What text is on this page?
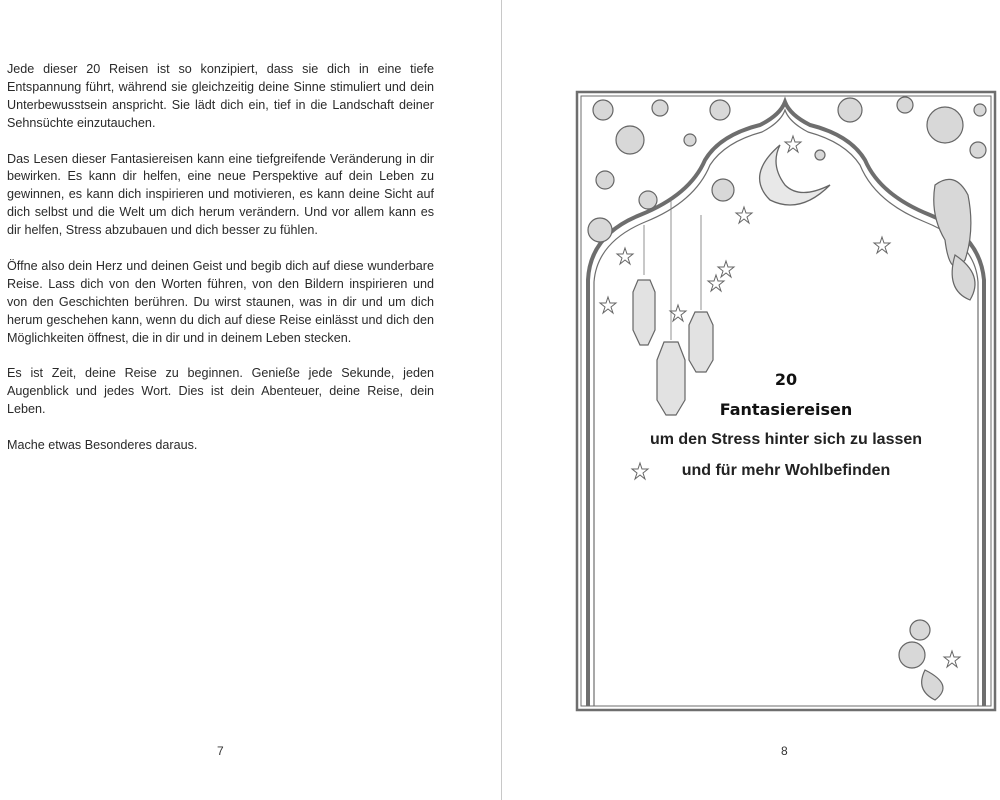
Jede dieser 20 Reisen ist so konzipiert, dass sie dich in eine tiefe Entspannung führt, während sie gleichzeitig deine Sinne stimuliert und dein Unterbewusstsein anspricht. Sie lädt dich ein, tief in die Landschaft deiner Sehnsüchte einzutauchen.

Das Lesen dieser Fantasiereisen kann eine tiefgreifende Veränderung in dir bewirken. Es kann dir helfen, eine neue Perspektive auf dein Leben zu gewinnen, es kann dich inspirieren und motivieren, es kann deine Sicht auf dich selbst und die Welt um dich herum verändern. Und vor allem kann es dir helfen, Stress abzubauen und dich besser zu fühlen.

Öffne also dein Herz und deinen Geist und begib dich auf diese wunderbare Reise. Lass dich von den Worten führen, von den Bildern inspirieren und von den Geschichten berühren. Du wirst staunen, was in dir und um dich herum geschehen kann, wenn du dich auf diese Reise einlässt und dich den Möglichkeiten öffnest, die in dir und in deinem Leben stecken.

Es ist Zeit, deine Reise zu beginnen. Genieße jede Sekunde, jeden Augenblick und jedes Wort. Dies ist dein Abenteuer, deine Reise, dein Leben.

Mache etwas Besonderes daraus.

7
20
Fantasiereisen
um den Stress hinter sich zu lassen
und für mehr Wohlbefinden
8
